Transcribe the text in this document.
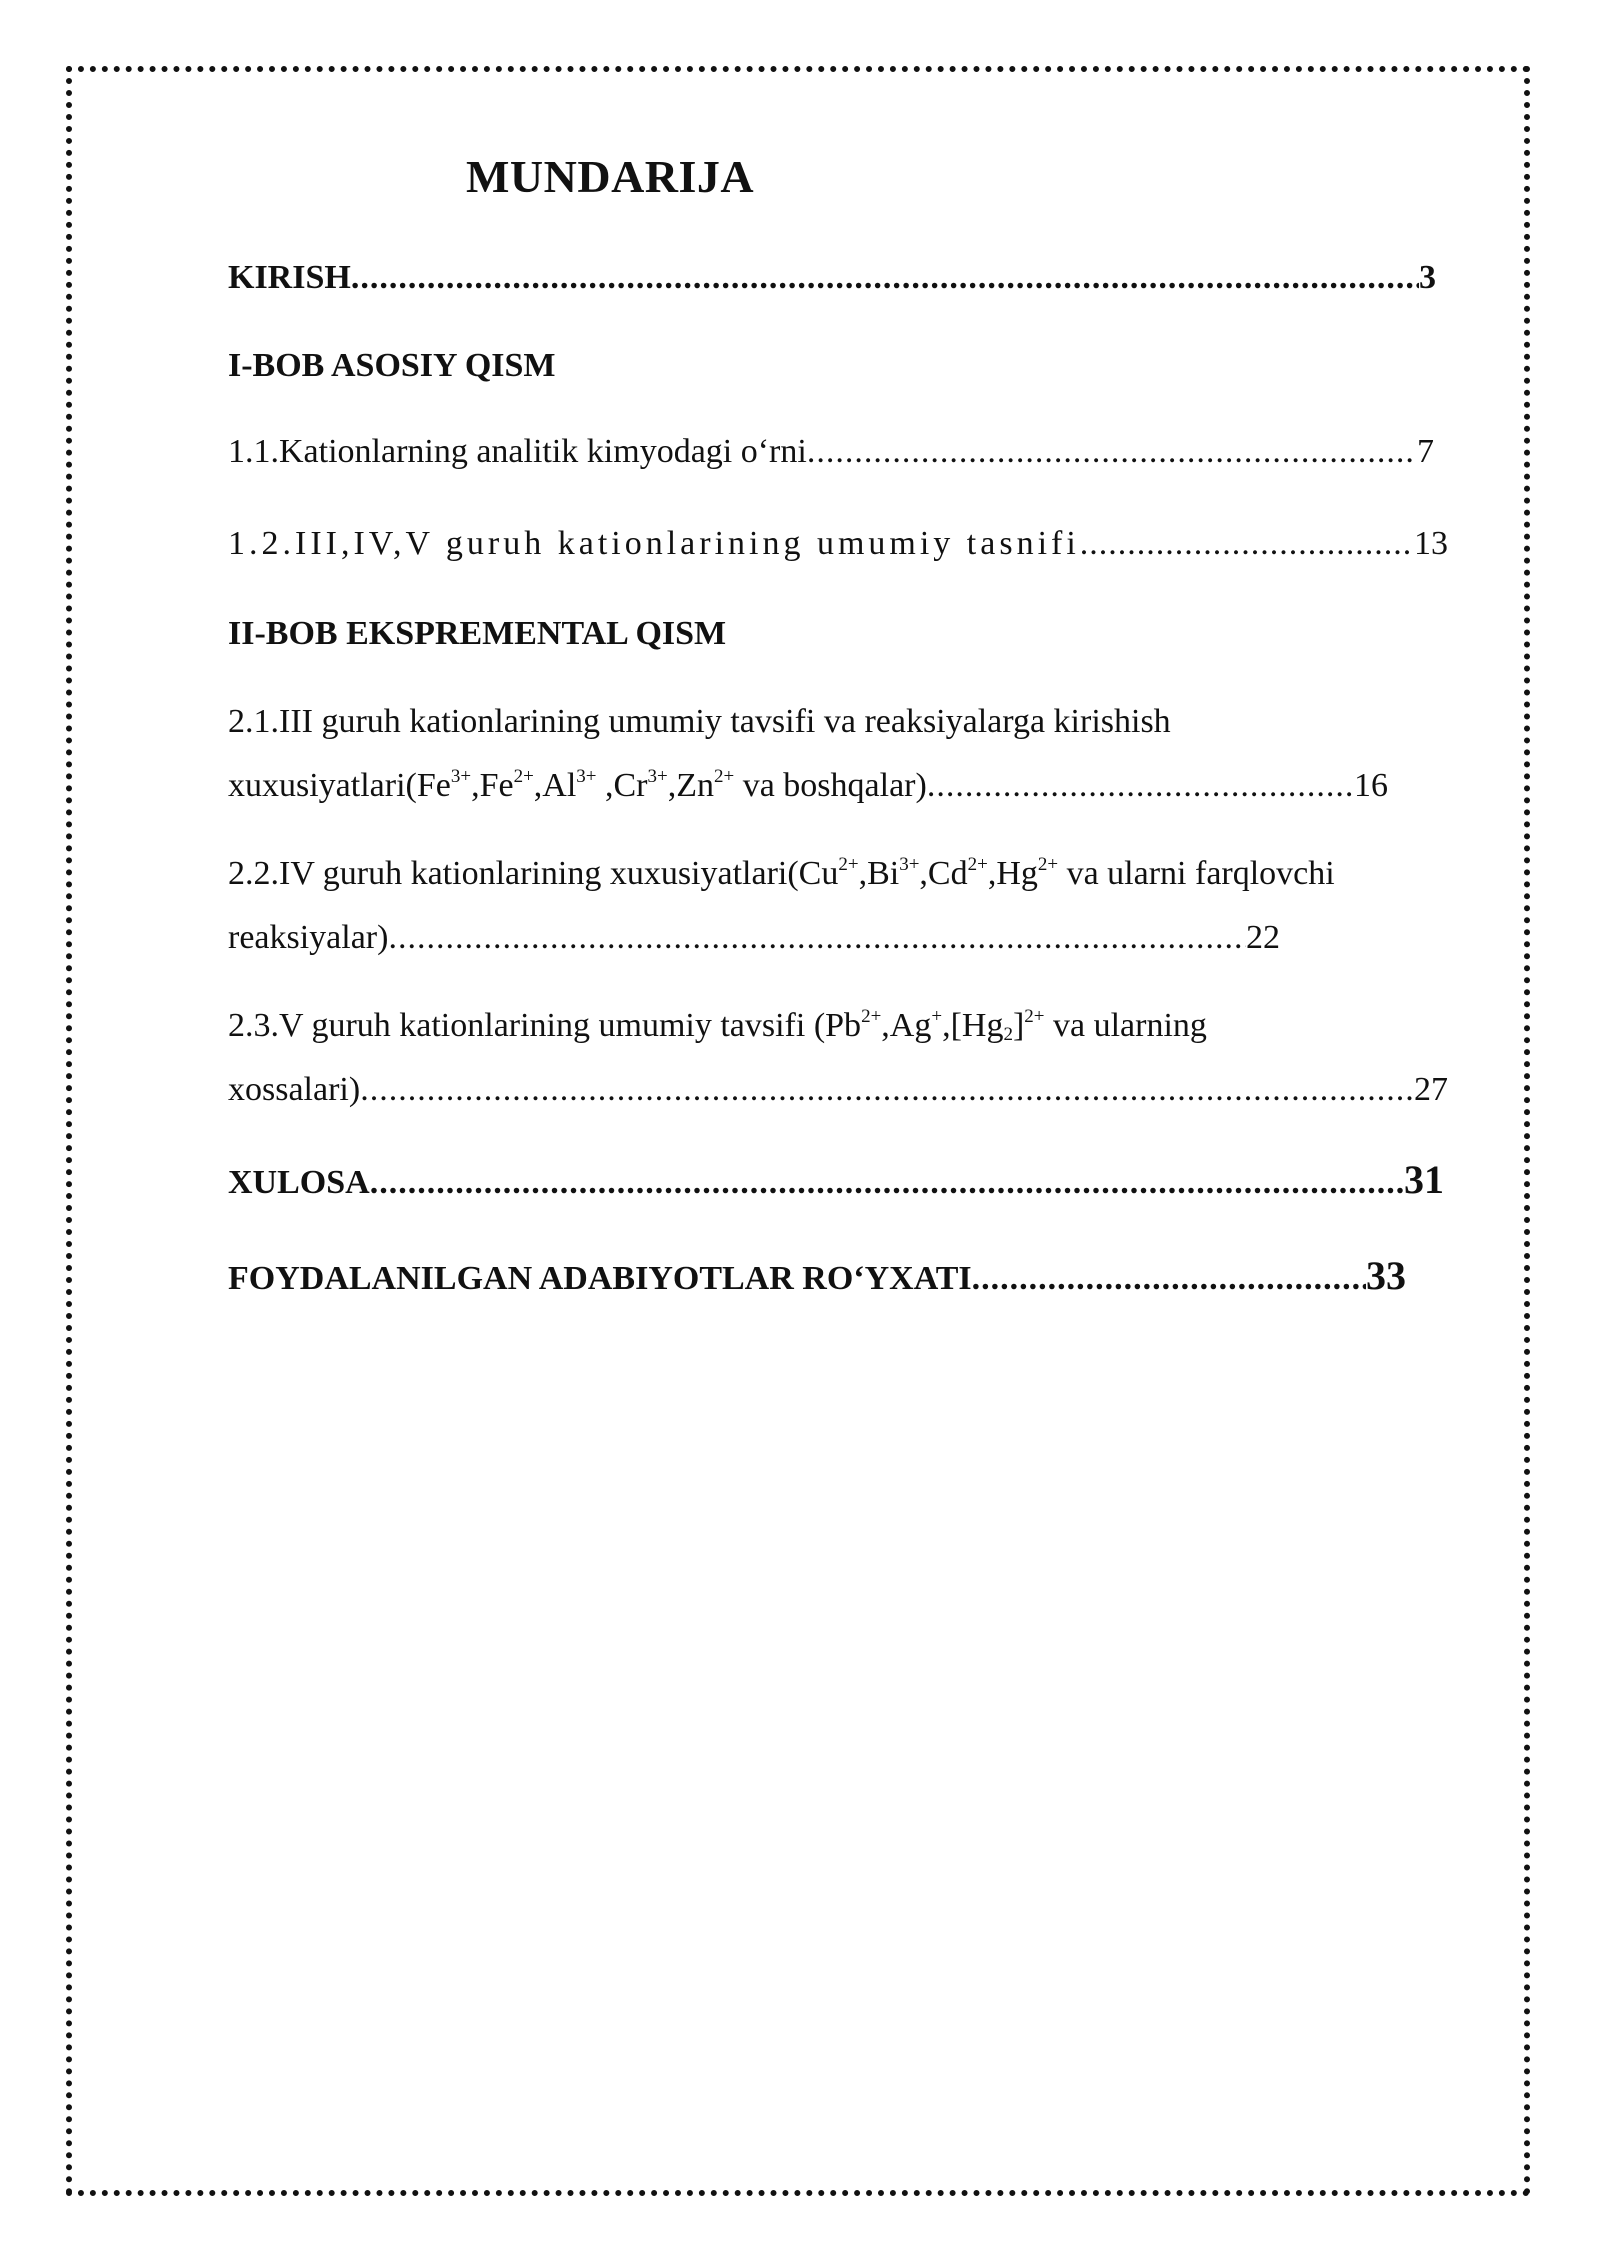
MUNDARIJA
KIRISH .....	3
I-BOB ASOSIY QISM
1.1.Kationlarning analitik kimyodagi o‘rni .....	7
1.2.III,IV,V guruh kationlarining umumiy tasnifi .....	13
II-BOB EKSPREMENTAL QISM
2.1.III guruh kationlarining umumiy tavsifi va reaksiyalarga kirishish
$xuxusiyatlari(Fe^{3+},Fe^{2+},Al^{3+}$ $,Cr^{3+},Zn^{2+}$ va boshqalar) .....	16
2.2.IV guruh kationlarining $xuxusiyatlari(Cu^{2+},Bi^{3+},Cd^{2+},Hg^{2+}$ va ularni farqlovchi
reaksiyalar) .....	22
2.3.V guruh kationlarining umumiy tavsifi ($Pb^{2+},Ag^+,[Hg_2]^{2+}$ va ularning
xossalari) .....	27
XULOSA .....	31
FOYDALANILGAN ADABIYOTLAR RO‘YXATI .....	33
